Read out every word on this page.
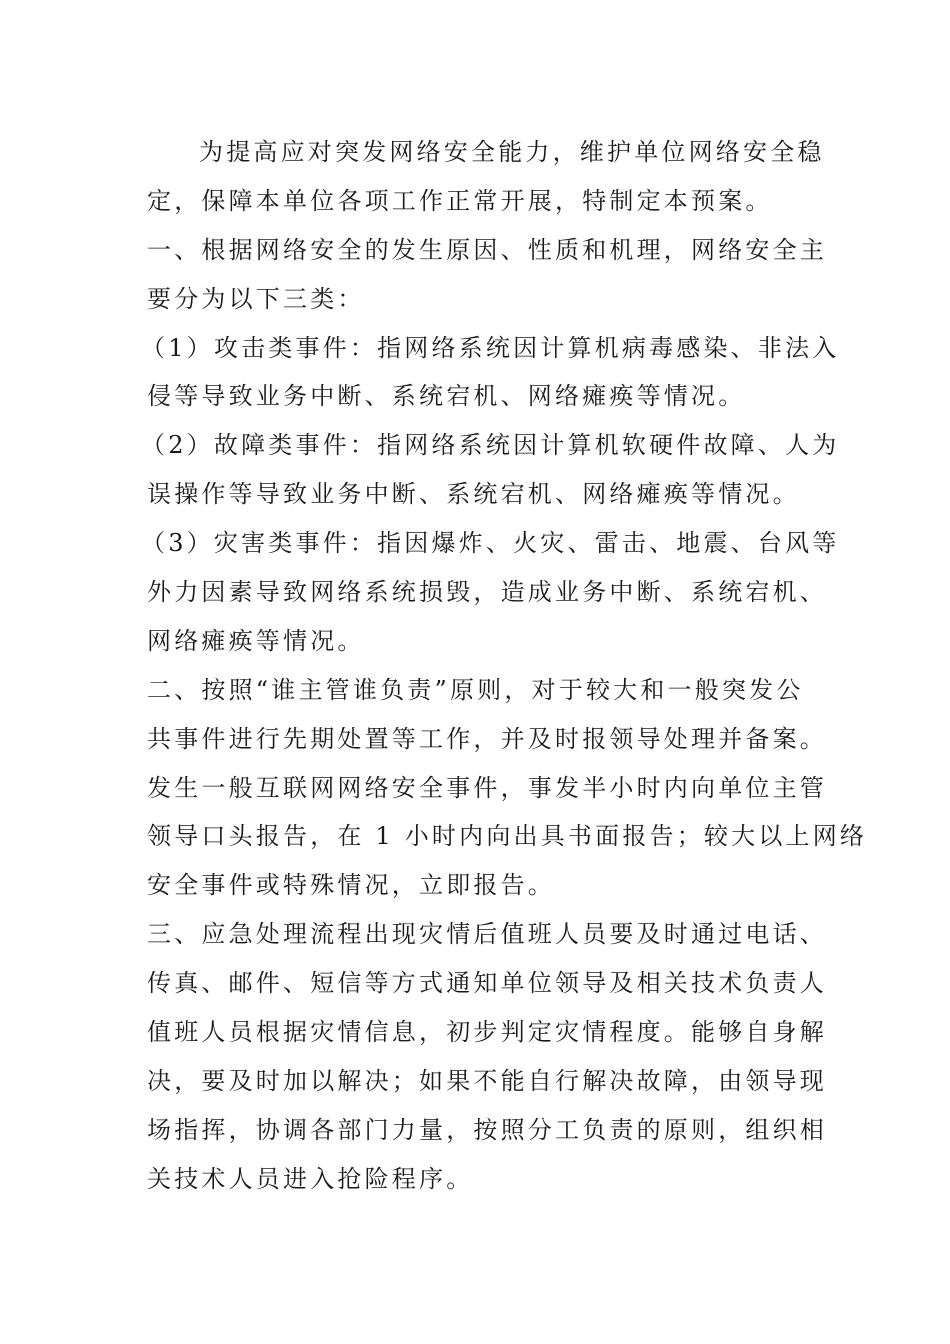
为提高应对突发网络安全能力，维护单位网络安全稳
定，保障本单位各项工作正常开展，特制定本预案。
一、根据网络安全的发生原因、性质和机理，网络安全主
要分为以下三类：
（1）攻击类事件：指网络系统因计算机病毒感染、非法入
侵等导致业务中断、系统宕机、网络瘫痪等情况。
（2）故障类事件：指网络系统因计算机软硬件故障、人为
误操作等导致业务中断、系统宕机、网络瘫痪等情况。
（3）灾害类事件：指因爆炸、火灾、雷击、地震、台风等
外力因素导致网络系统损毁，造成业务中断、系统宕机、
网络瘫痪等情况。
二、按照“谁主管谁负责”原则，对于较大和一般突发公
共事件进行先期处置等工作，并及时报领导处理并备案。
发生一般互联网网络安全事件，事发半小时内向单位主管
领导口头报告，在 1 小时内向出具书面报告；较大以上网络
安全事件或特殊情况，立即报告。
三、应急处理流程出现灾情后值班人员要及时通过电话、
传真、邮件、短信等方式通知单位领导及相关技术负责人
值班人员根据灾情信息，初步判定灾情程度。能够自身解
决，要及时加以解决；如果不能自行解决故障，由领导现
场指挥，协调各部门力量，按照分工负责的原则，组织相
关技术人员进入抢险程序。
